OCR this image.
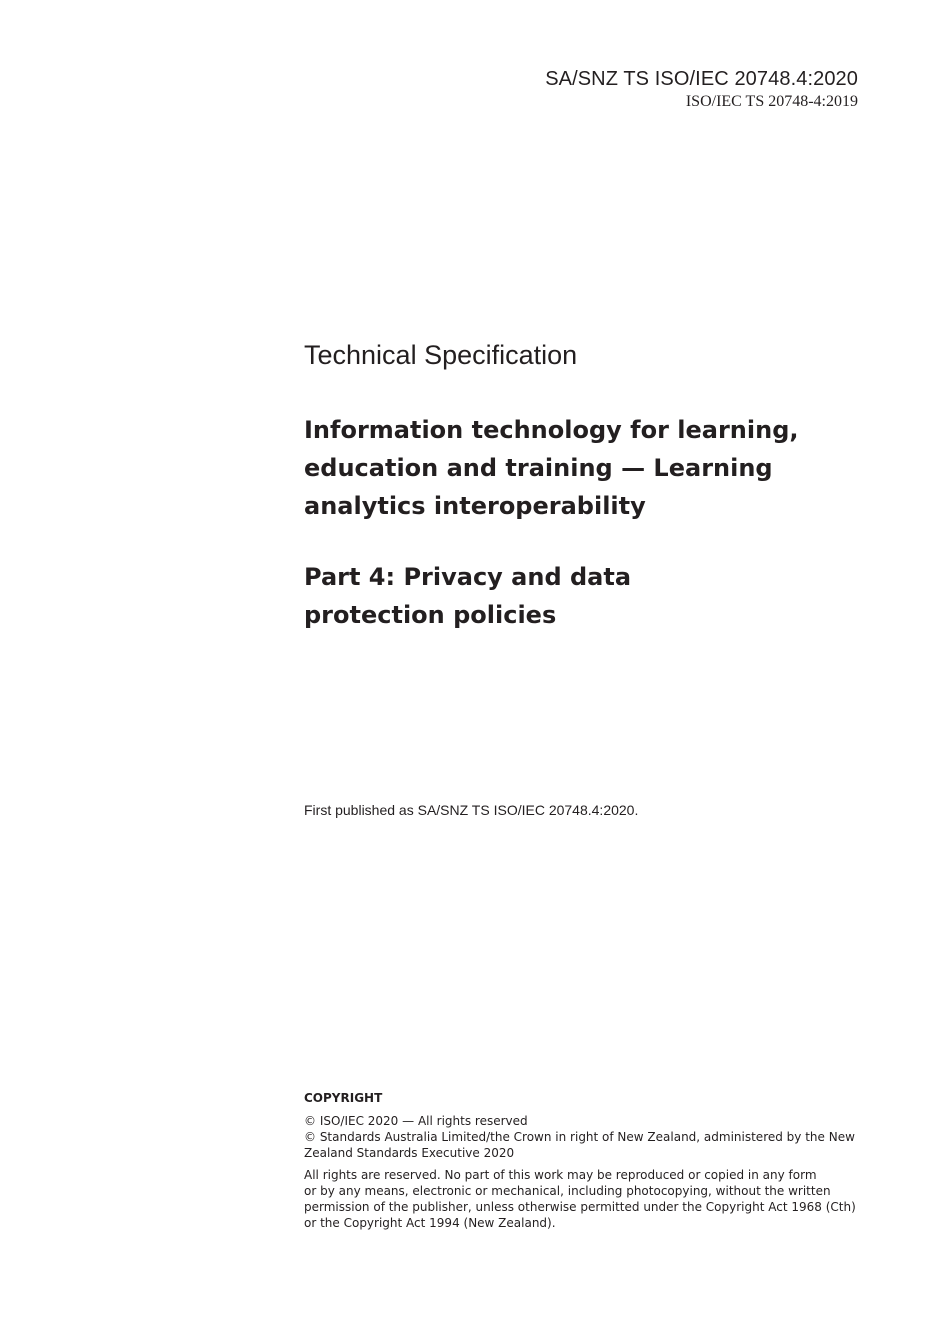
SA/SNZ TS ISO/IEC 20748.4:2020
ISO/IEC TS 20748-4:2019
Technical Specification
Information technology for learning,
education and training — Learning
analytics interoperability
Part 4: Privacy and data
protection policies
First published as SA/SNZ TS ISO/IEC 20748.4:2020.
COPYRIGHT
© ISO/IEC 2020 — All rights reserved
© Standards Australia Limited/the Crown in right of New Zealand, administered by the New
Zealand Standards Executive 2020
All rights are reserved. No part of this work may be reproduced or copied in any form
or by any means, electronic or mechanical, including photocopying, without the written
permission of the publisher, unless otherwise permitted under the Copyright Act 1968 (Cth)
or the Copyright Act 1994 (New Zealand).
